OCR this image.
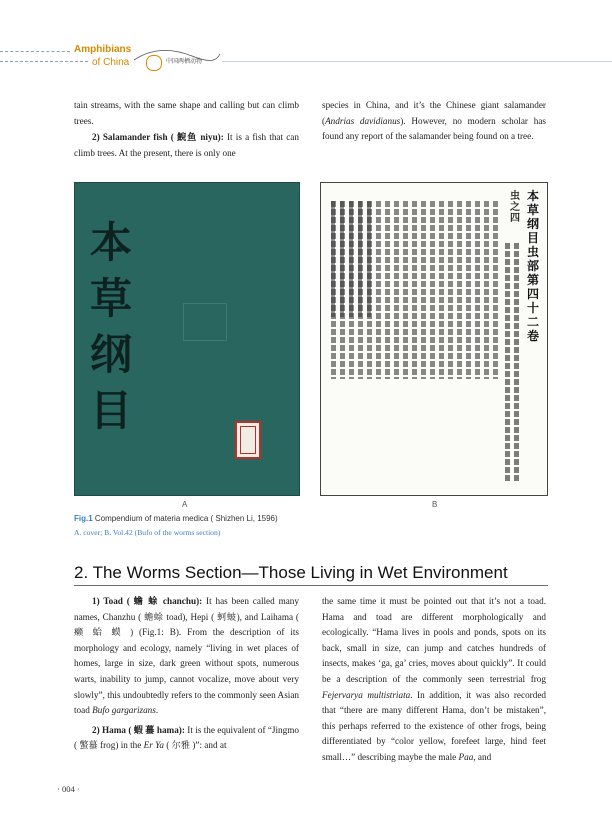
Amphibians
of China	中国两栖动物

tain streams, with the same shape and calling but can climb trees.

2) Salamander fish ( 鯢鱼 niyu): It is a fish that can climb trees. At the present, there is only one

species in China, and it’s the Chinese giant salamander (Andrias davidianus). However, no modern scholar has found any report of the salamander being found on a tree.

本
草
纲
目
A
本草纲目虫部第四十二卷
虫之四
B
Fig.1 Compendium of materia medica ( Shizhen Li, 1596)
A. cover; B. Vol.42 (Bufo of the worms section)
2. The Worms Section—Those Living in Wet Environment

1) Toad ( 蟾 蜍 chanchu): It has been called many names, Chanzhu ( 蟾蜍 toad), Hepi ( 蚵蚾), and Laihama ( 癞 蛤 蟆 ) (Fig.1: B). From the description of its morphology and ecology, namely “living in wet places of homes, large in size, dark green without spots, numerous warts, inability to jump, cannot vocalize, move about very slowly”, this undoubtedly refers to the commonly seen Asian toad Bufo gargarizans.

2) Hama ( 蝦 蟇 hama): It is the equivalent of “Jingmo ( 蟼蟇 frog) in the Er Ya ( 尔雅 )”: and at

the same time it must be pointed out that it’s not a toad. Hama and toad are different morphologically and ecologically. “Hama lives in pools and ponds, spots on its back, small in size, can jump and catches hundreds of insects, makes ‘ga, ga’ cries, moves about quickly”. It could be a description of the commonly seen terrestrial frog Fejervarya multistriata. In addition, it was also recorded that “there are many different Hama, don’t be mistaken”, this perhaps referred to the existence of other frogs, being differentiated by “color yellow, forefeet large, hind feet small…” describing maybe the male Paa, and

· 004 ·
